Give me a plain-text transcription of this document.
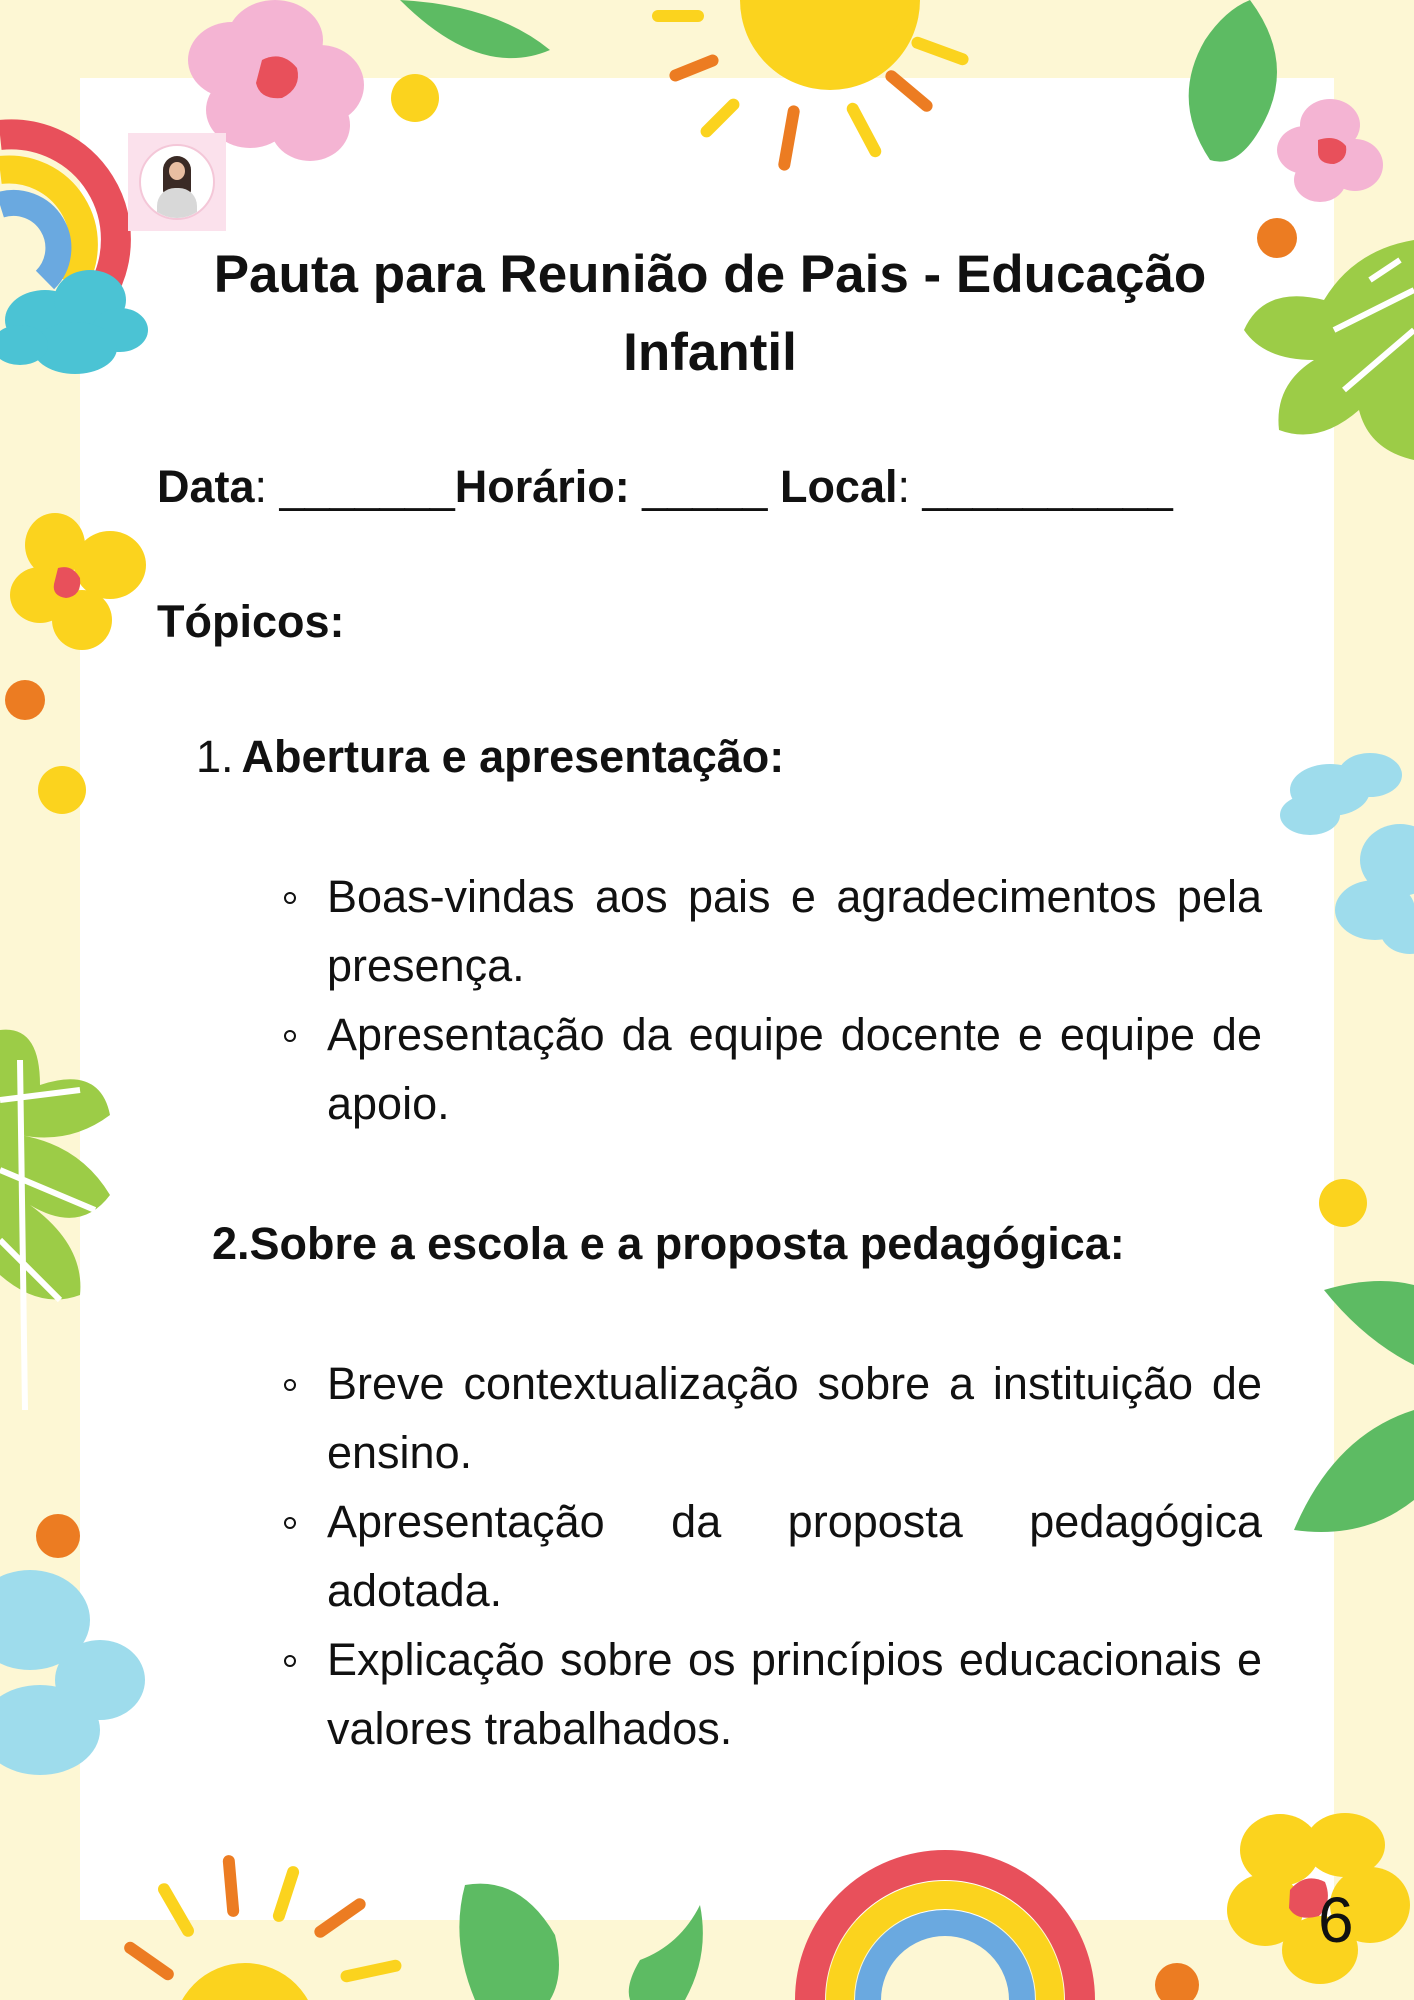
Pauta para Reunião de Pais - Educação Infantil
Data: _______Horário: _____ Local: __________
Tópicos:
1. Abertura e apresentação:
Boas-vindas aos pais e agradecimentos pela presença.
Apresentação da equipe docente e equipe de apoio.
2.Sobre a escola e a proposta pedagógica:
Breve contextualização sobre a instituição de ensino.
Apresentação da proposta pedagógica adotada.
Explicação sobre os princípios educacionais e valores trabalhados.
6
